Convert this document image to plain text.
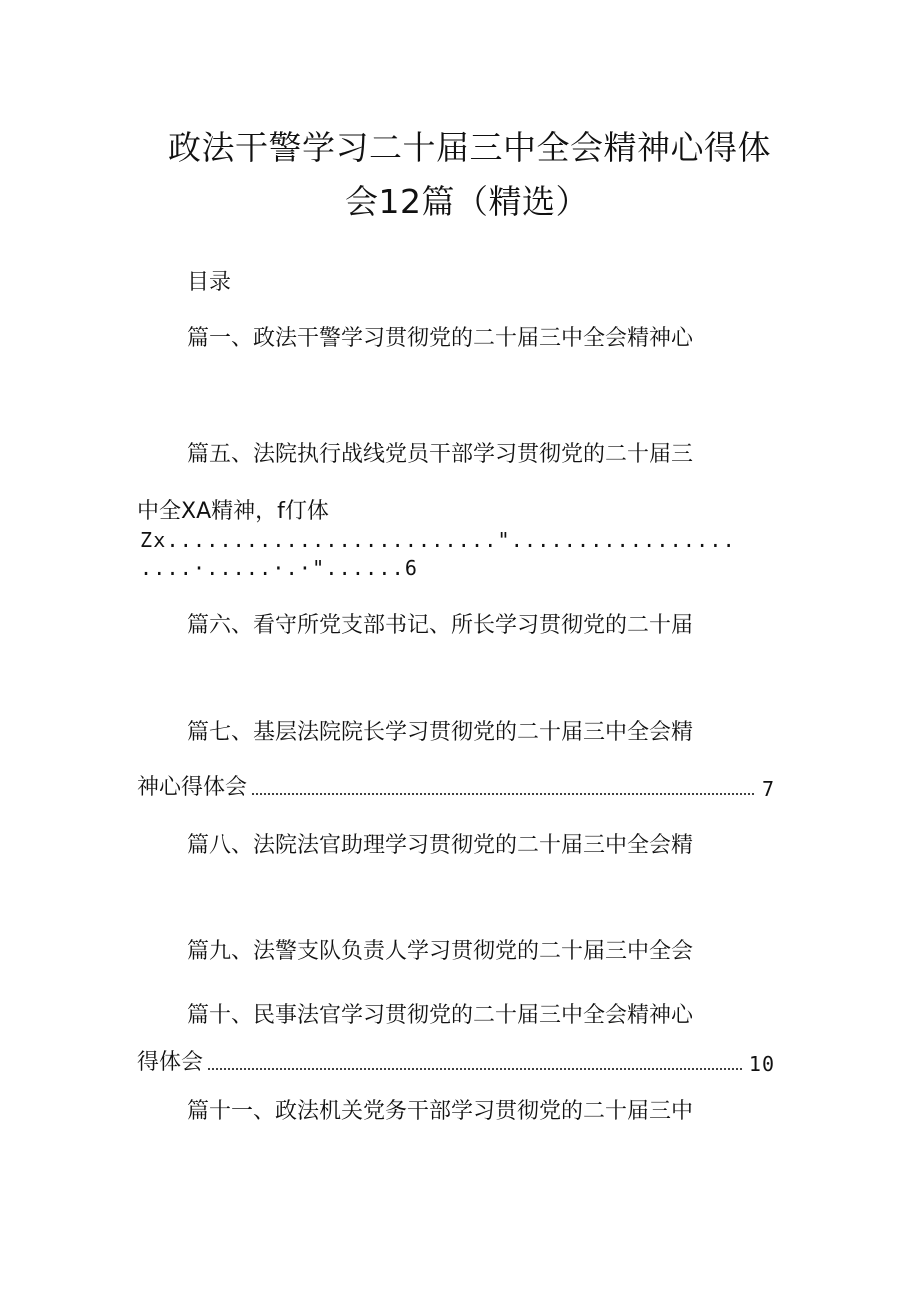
政法干警学习二十届三中全会精神心得体
会12篇（精选）
目录
篇一、政法干警学习贯彻党的二十届三中全会精神心
篇五、法院执行战线党员干部学习贯彻党的二十届三
中全XA精神，f仃体
Zx.........................".................
....·.....·.·"......6
篇六、看守所党支部书记、所长学习贯彻党的二十届
篇七、基层法院院长学习贯彻党的二十届三中全会精
神心得体会	7
篇八、法院法官助理学习贯彻党的二十届三中全会精
篇九、法警支队负责人学习贯彻党的二十届三中全会
篇十、民事法官学习贯彻党的二十届三中全会精神心
得体会	10
篇十一、政法机关党务干部学习贯彻党的二十届三中
